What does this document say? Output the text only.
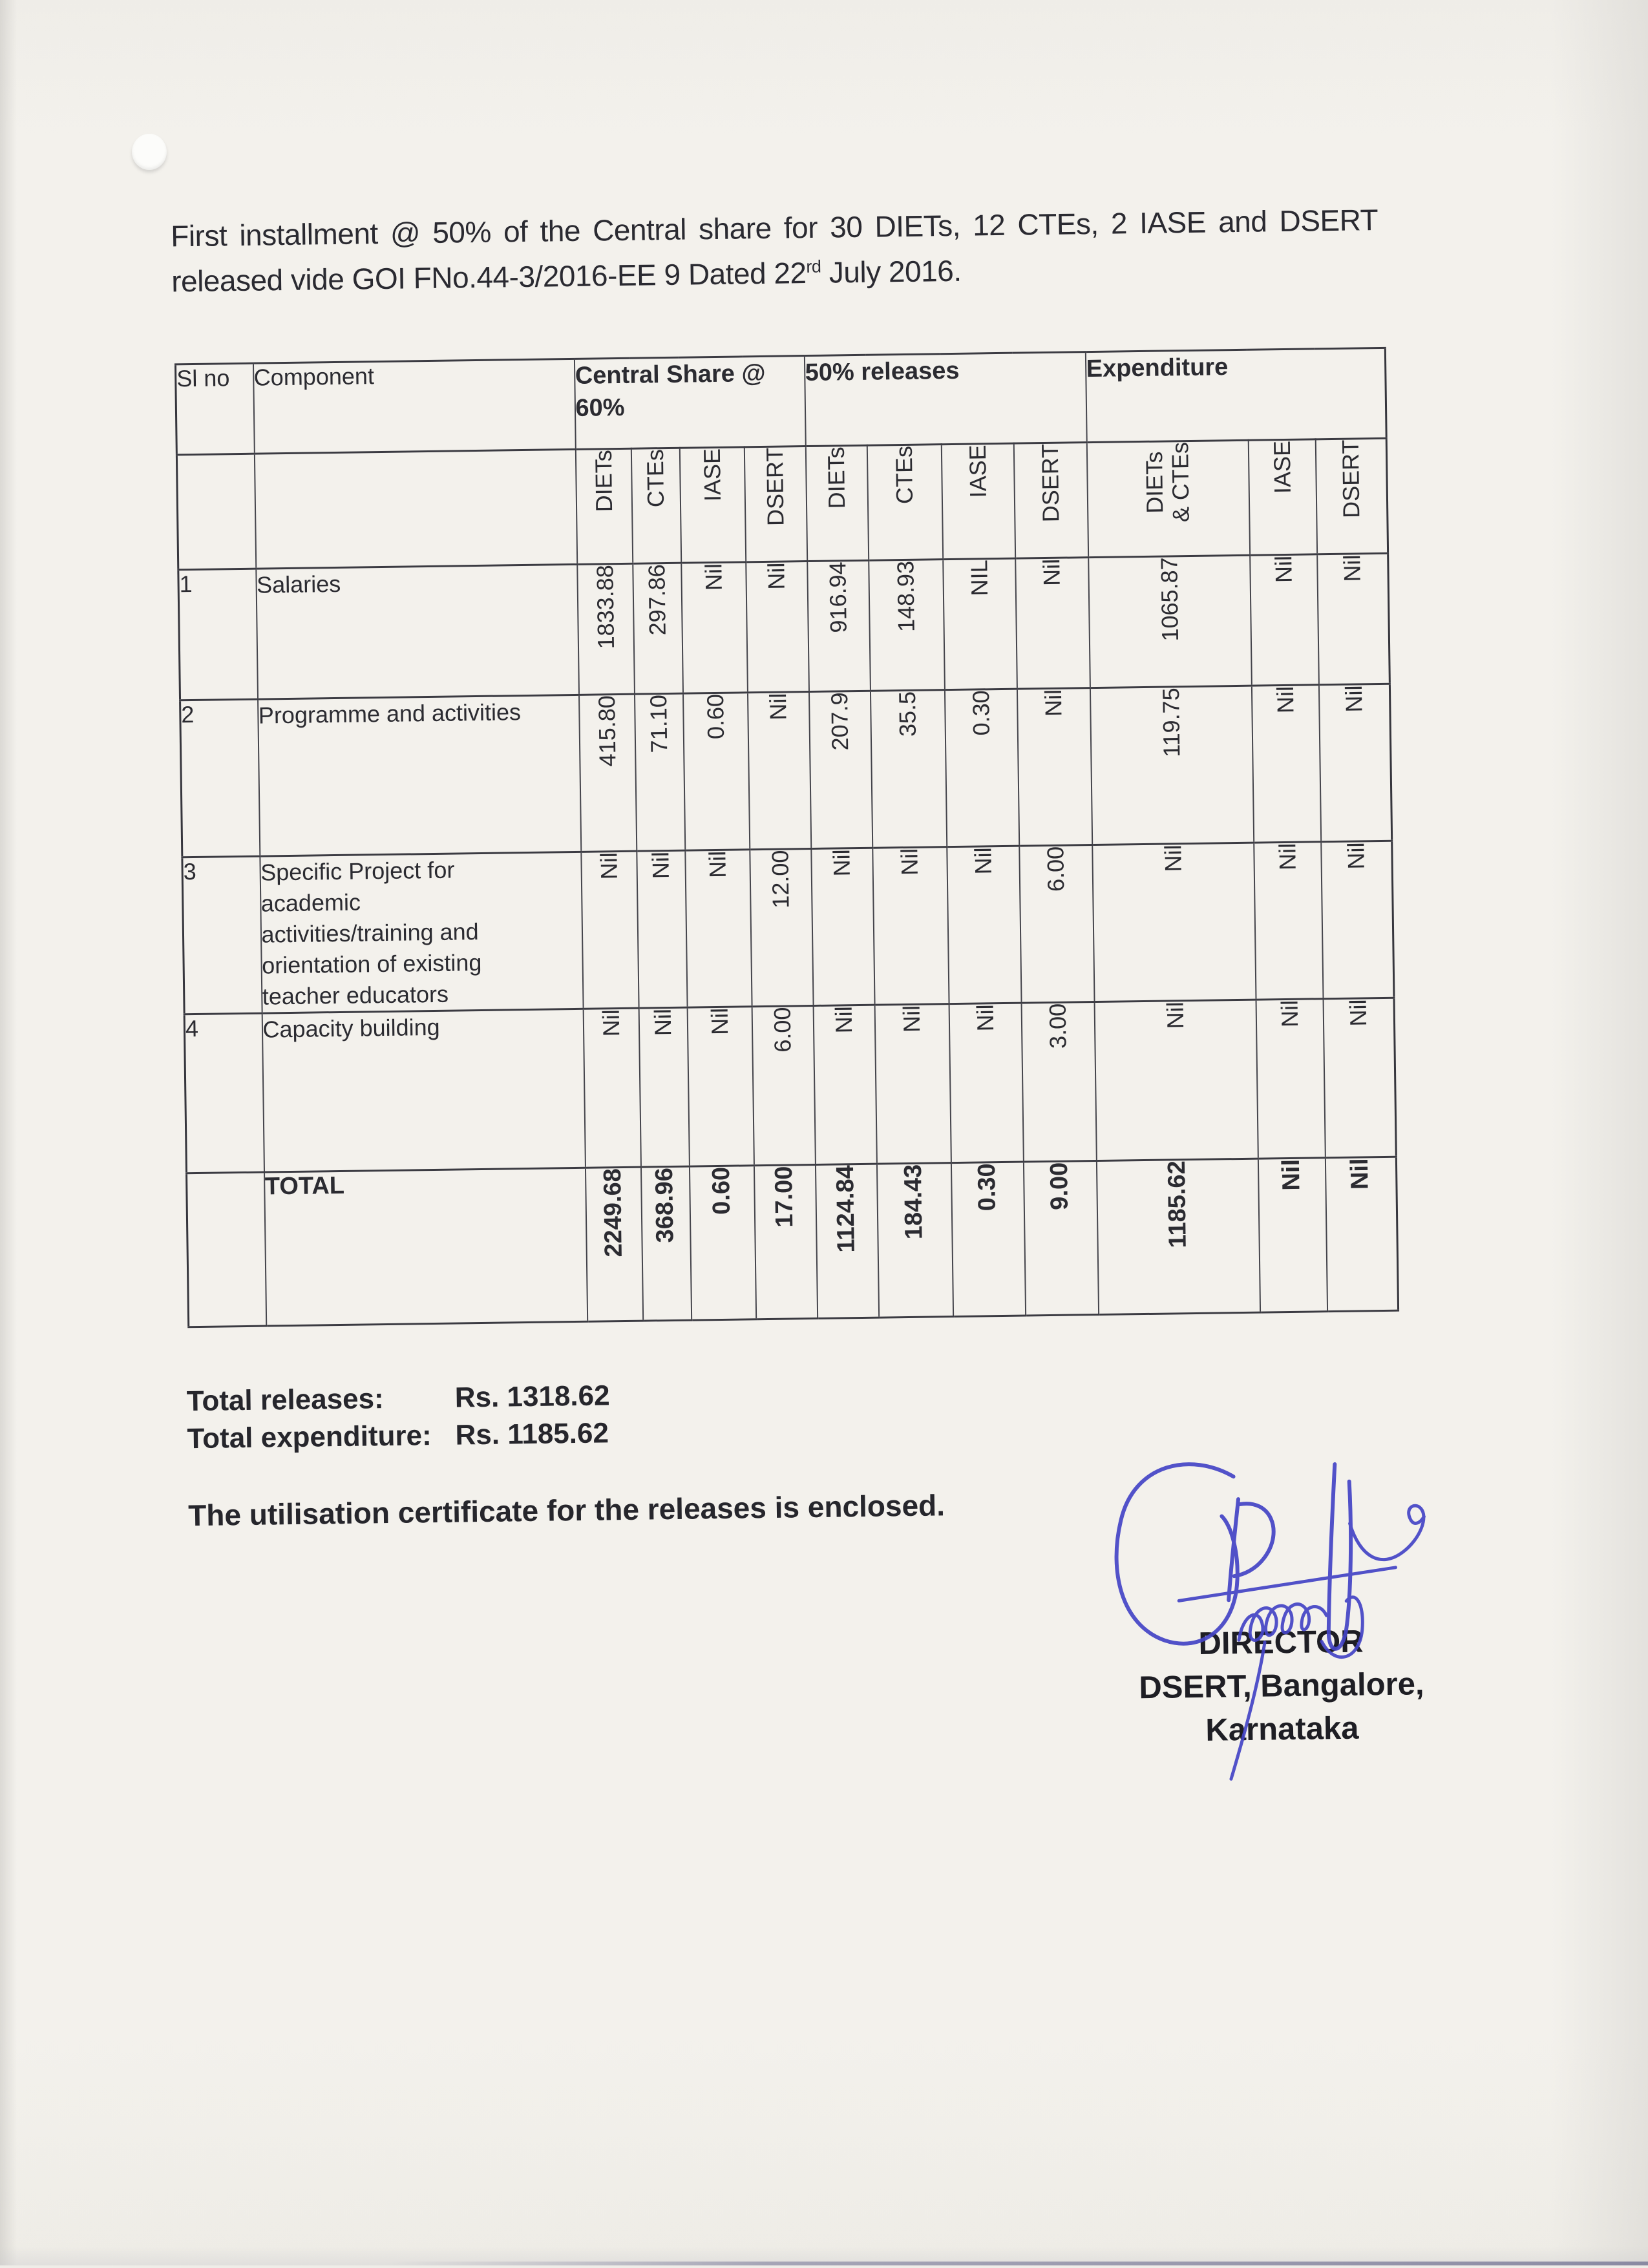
First installment @ 50% of the Central share for 30 DIETs, 12 CTEs, 2 IASE and DSERT
released vide GOI FNo.44-3/2016-EE 9 Dated 22rd July 2016.
Sl no	Component	Central Share @ 60%				50% releases				Expenditure		
		DIETs	CTEs	IASE	DSERT	DIETs	CTEs	IASE	DSERT	DIETs
& CTEs	IASE	DSERT
1	Salaries	1833.88	297.86	Nil	Nil	916.94	148.93	NIL	Nil	1065.87	Nil	Nil
2	Programme and activities	415.80	71.10	0.60	Nil	207.9	35.5	0.30	Nil	119.75	Nil	Nil
3	Specific Project for
academic
activities/training and
orientation of existing
teacher educators	Nil	Nil	Nil	12.00	Nil	Nil	Nil	6.00	Nil	Nil	Nil
4	Capacity building	Nil	Nil	Nil	6.00	Nil	Nil	Nil	3.00	Nil	Nil	Nil
	TOTAL	2249.68	368.96	0.60	17.00	1124.84	184.43	0.30	9.00	1185.62	Nil	Nil
Total releases:	Rs. 1318.62
Total expenditure: Rs. 1185.62
The utilisation certificate for the releases is enclosed.
DIRECTOR
DSERT, Bangalore,
Karnataka
